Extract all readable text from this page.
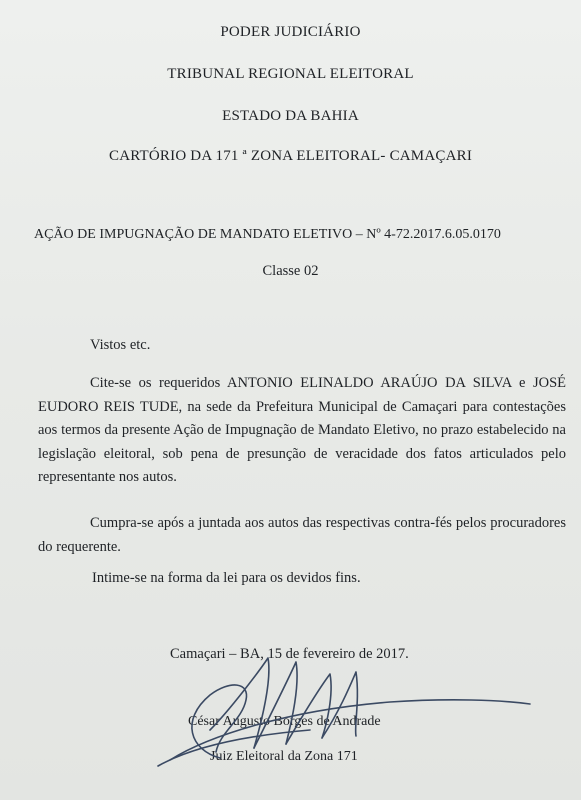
PODER JUDICIÁRIO
TRIBUNAL REGIONAL ELEITORAL
ESTADO DA BAHIA
CARTÓRIO DA 171 ª ZONA ELEITORAL- CAMAÇARI
AÇÃO DE IMPUGNAÇÃO DE MANDATO ELETIVO – Nº 4-72.2017.6.05.0170
Classe 02
Vistos etc.
Cite-se os requeridos ANTONIO ELINALDO ARAÚJO DA SILVA e JOSÉ EUDORO REIS TUDE, na sede da Prefeitura Municipal de Camaçari para contestações aos termos da presente Ação de Impugnação de Mandato Eletivo, no prazo estabelecido na legislação eleitoral, sob pena de presunção de veracidade dos fatos articulados pelo representante nos autos.
Cumpra-se após a juntada aos autos das respectivas contra-fés pelos procuradores do requerente.
Intime-se na forma da lei para os devidos fins.
Camaçari – BA, 15 de fevereiro de 2017.
César Augusto Borges de Andrade
Juiz Eleitoral da Zona 171
